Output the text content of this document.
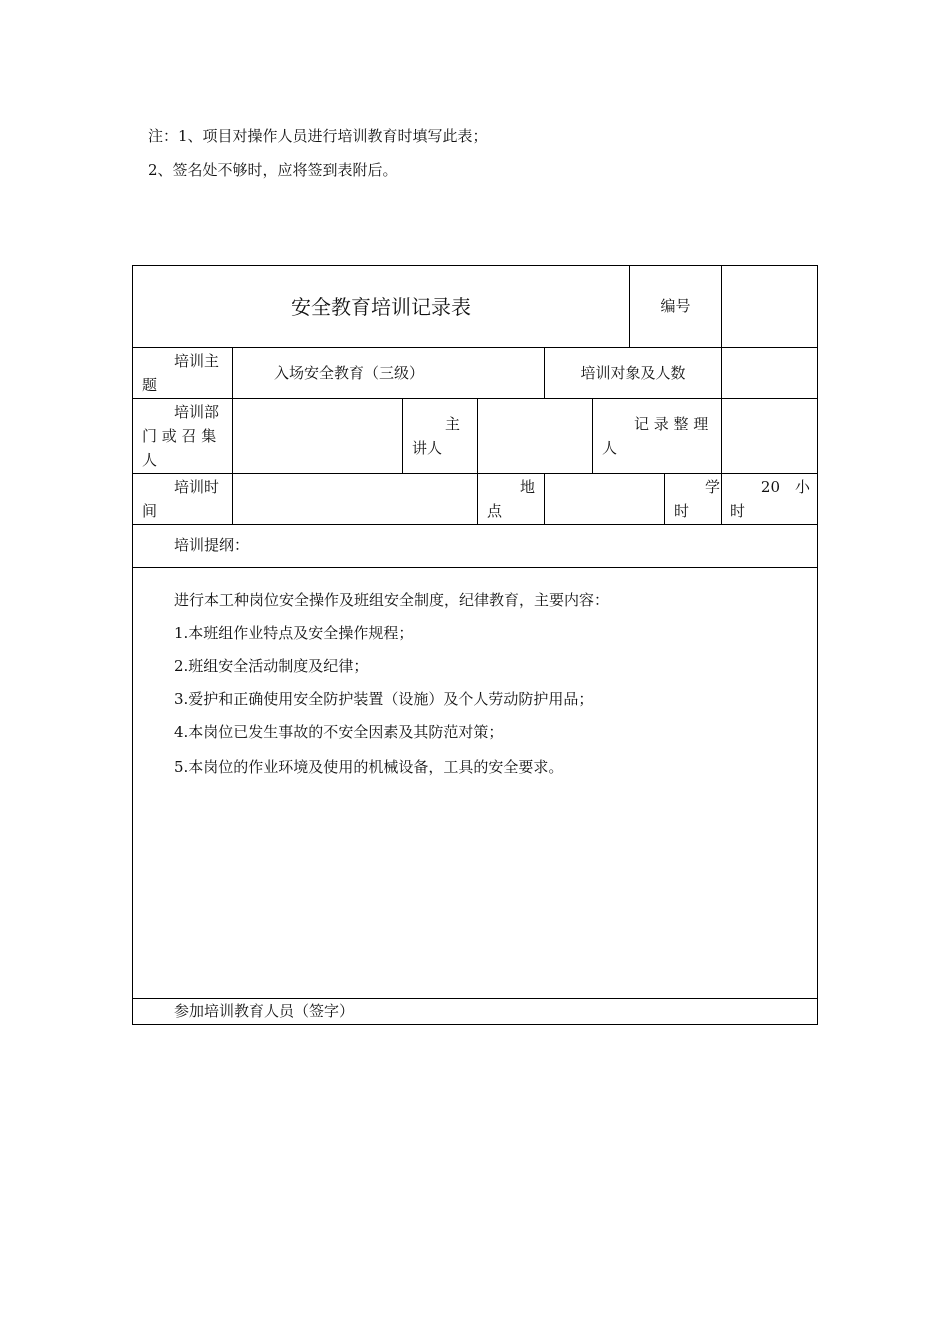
注：1、项目对操作人员进行培训教育时填写此表；
2、签名处不够时，应将签到表附后。
安全教育培训记录表	编号
培训主
题
入场安全教育（三级）	培训对象及人数
培训部
门 或 召 集
人
主
讲人
记 录 整 理
人
培训时
间
地
点
学
时
20　小
时
培训提纲：
进行本工种岗位安全操作及班组安全制度，纪律教育，主要内容：
1.本班组作业特点及安全操作规程；
2.班组安全活动制度及纪律；
3.爱护和正确使用安全防护装置（设施）及个人劳动防护用品；
4.本岗位已发生事故的不安全因素及其防范对策；
5.本岗位的作业环境及使用的机械设备，工具的安全要求。
参加培训教育人员（签字）
